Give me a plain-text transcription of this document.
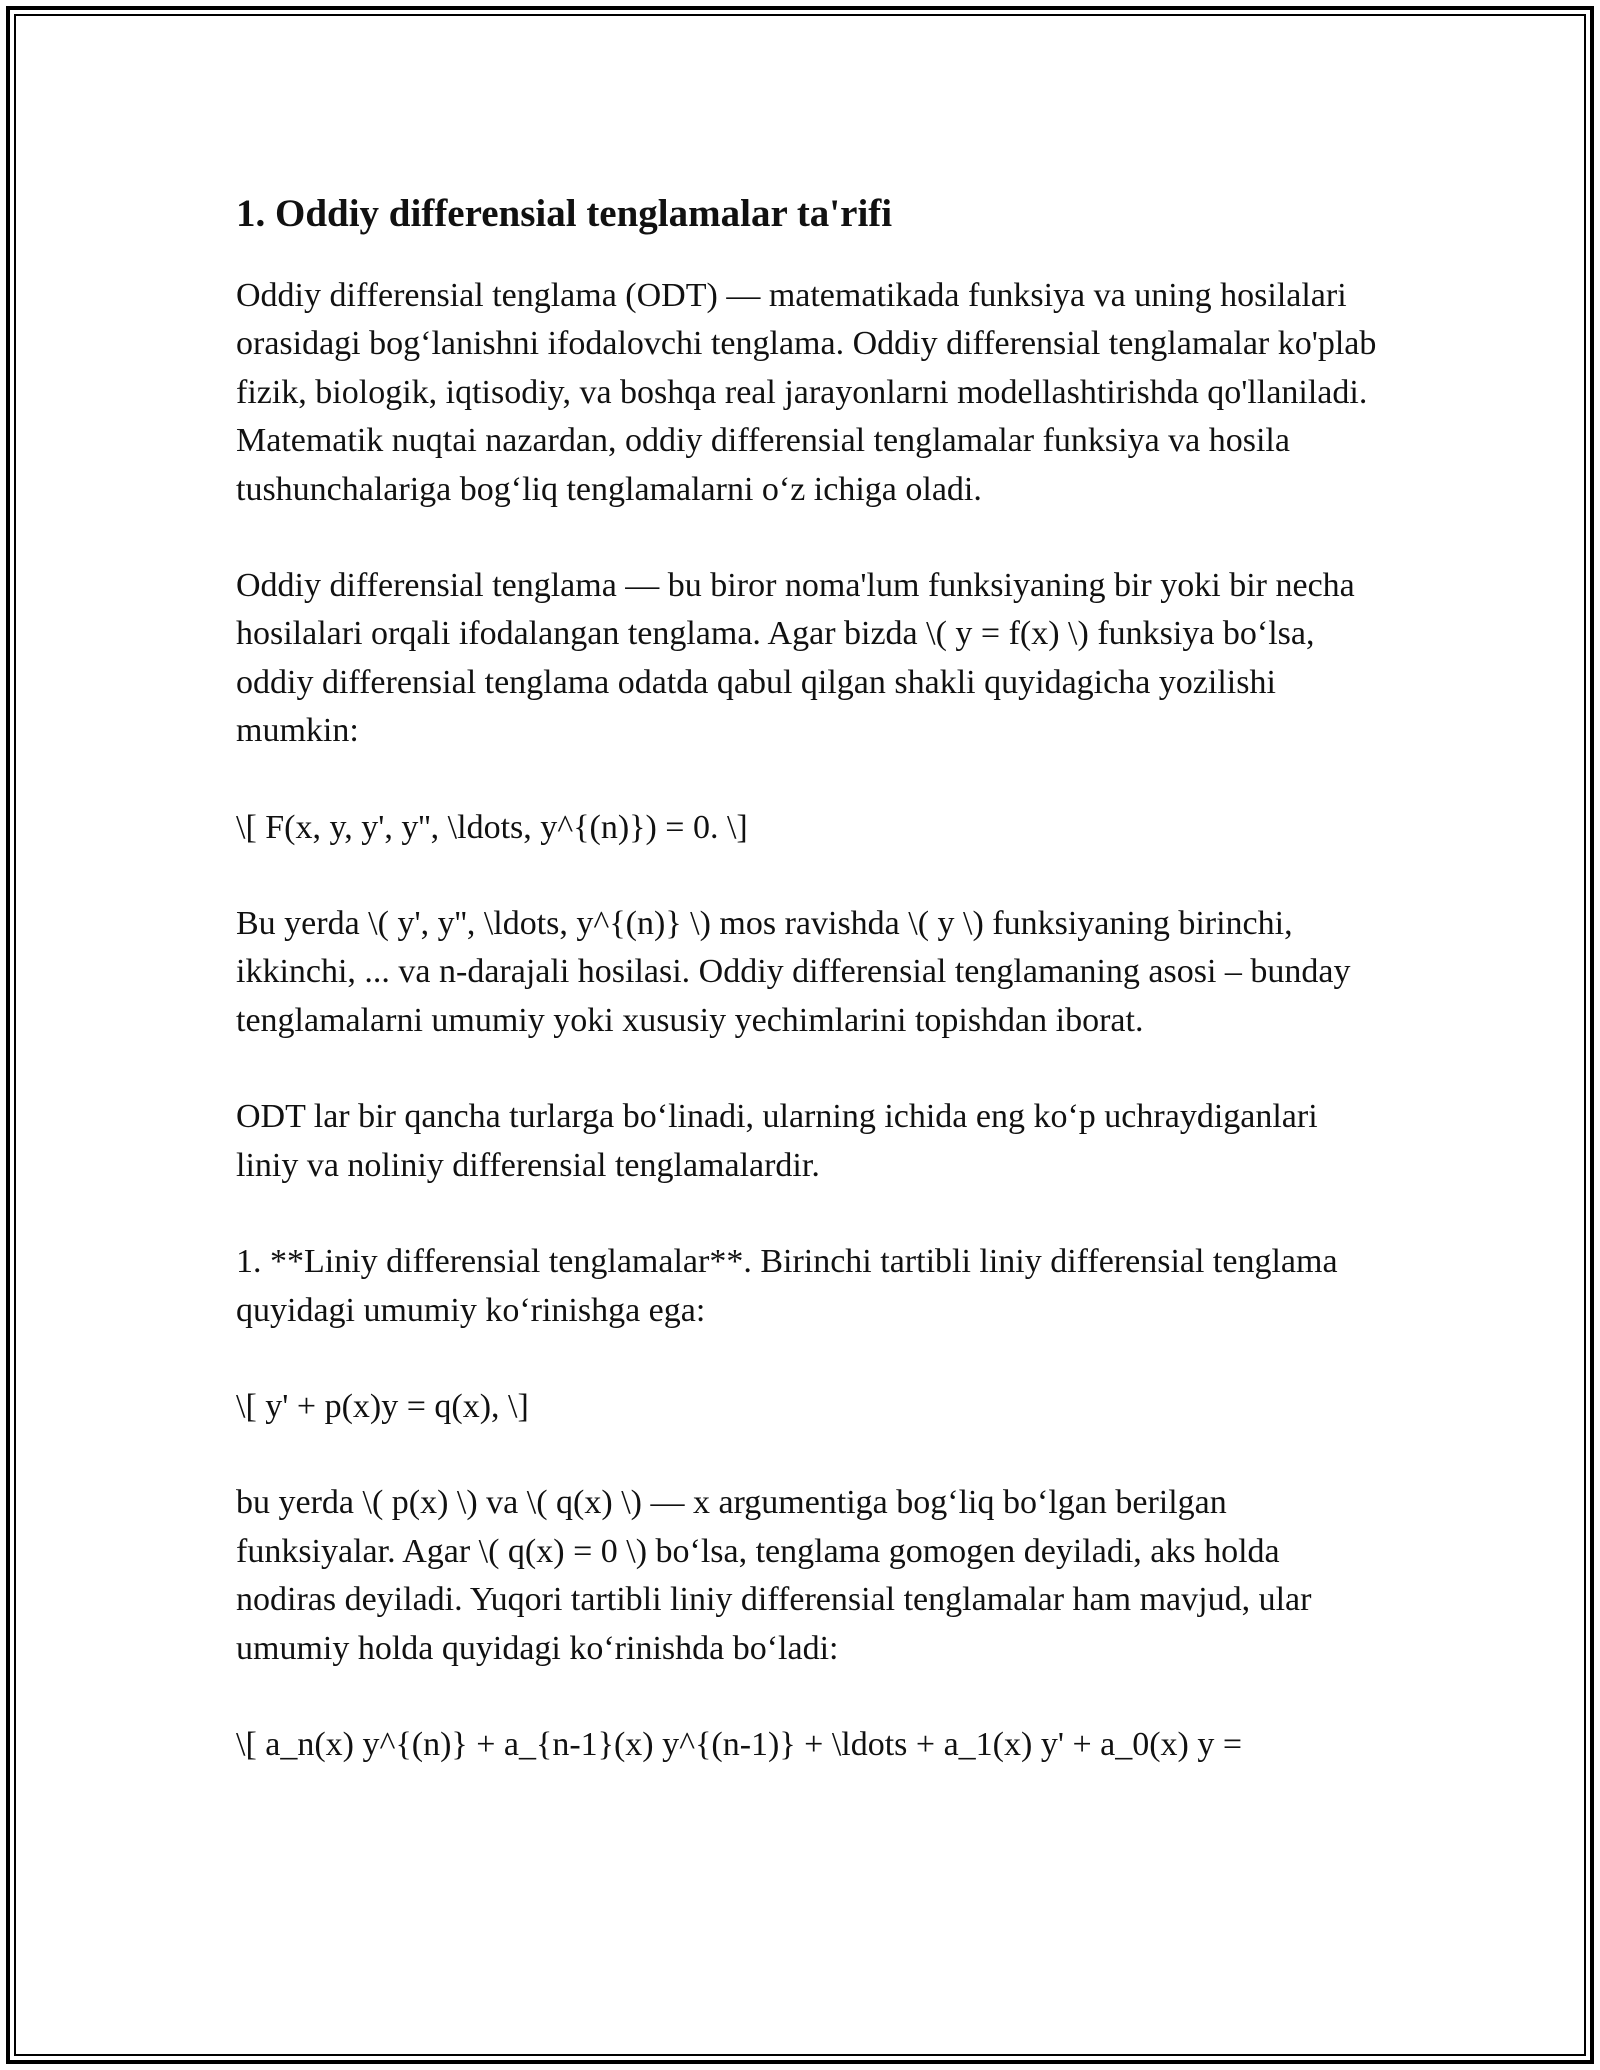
1. Oddiy differensial tenglamalar ta'rifi

Oddiy differensial tenglama (ODT) — matematikada funksiya va uning hosilalari orasidagi bog‘lanishni ifodalovchi tenglama. Oddiy differensial tenglamalar ko'plab fizik, biologik, iqtisodiy, va boshqa real jarayonlarni modellashtirishda qo'llaniladi. Matematik nuqtai nazardan, oddiy differensial tenglamalar funksiya va hosila tushunchalariga bog‘liq tenglamalarni o‘z ichiga oladi.

Oddiy differensial tenglama — bu biror noma'lum funksiyaning bir yoki bir necha hosilalari orqali ifodalangan tenglama. Agar bizda \( y = f(x) \) funksiya bo‘lsa, oddiy differensial tenglama odatda qabul qilgan shakli quyidagicha yozilishi mumkin:

\[ F(x, y, y', y'', \ldots, y^{(n)}) = 0. \]

Bu yerda \( y', y'', \ldots, y^{(n)} \) mos ravishda \( y \) funksiyaning birinchi, ikkinchi, ... va n-darajali hosilasi. Oddiy differensial tenglamaning asosi – bunday tenglamalarni umumiy yoki xususiy yechimlarini topishdan iborat.

ODT lar bir qancha turlarga bo‘linadi, ularning ichida eng ko‘p uchraydiganlari liniy va noliniy differensial tenglamalardir.

1. **Liniy differensial tenglamalar**. Birinchi tartibli liniy differensial tenglama quyidagi umumiy ko‘rinishga ega:

\[ y' + p(x)y = q(x), \]

bu yerda \( p(x) \) va \( q(x) \) — x argumentiga bog‘liq bo‘lgan berilgan funksiyalar. Agar \( q(x) = 0 \) bo‘lsa, tenglama gomogen deyiladi, aks holda nodiras deyiladi. Yuqori tartibli liniy differensial tenglamalar ham mavjud, ular umumiy holda quyidagi ko‘rinishda bo‘ladi:

\[ a_n(x) y^{(n)} + a_{n-1}(x) y^{(n-1)} + \ldots + a_1(x) y' + a_0(x) y =
